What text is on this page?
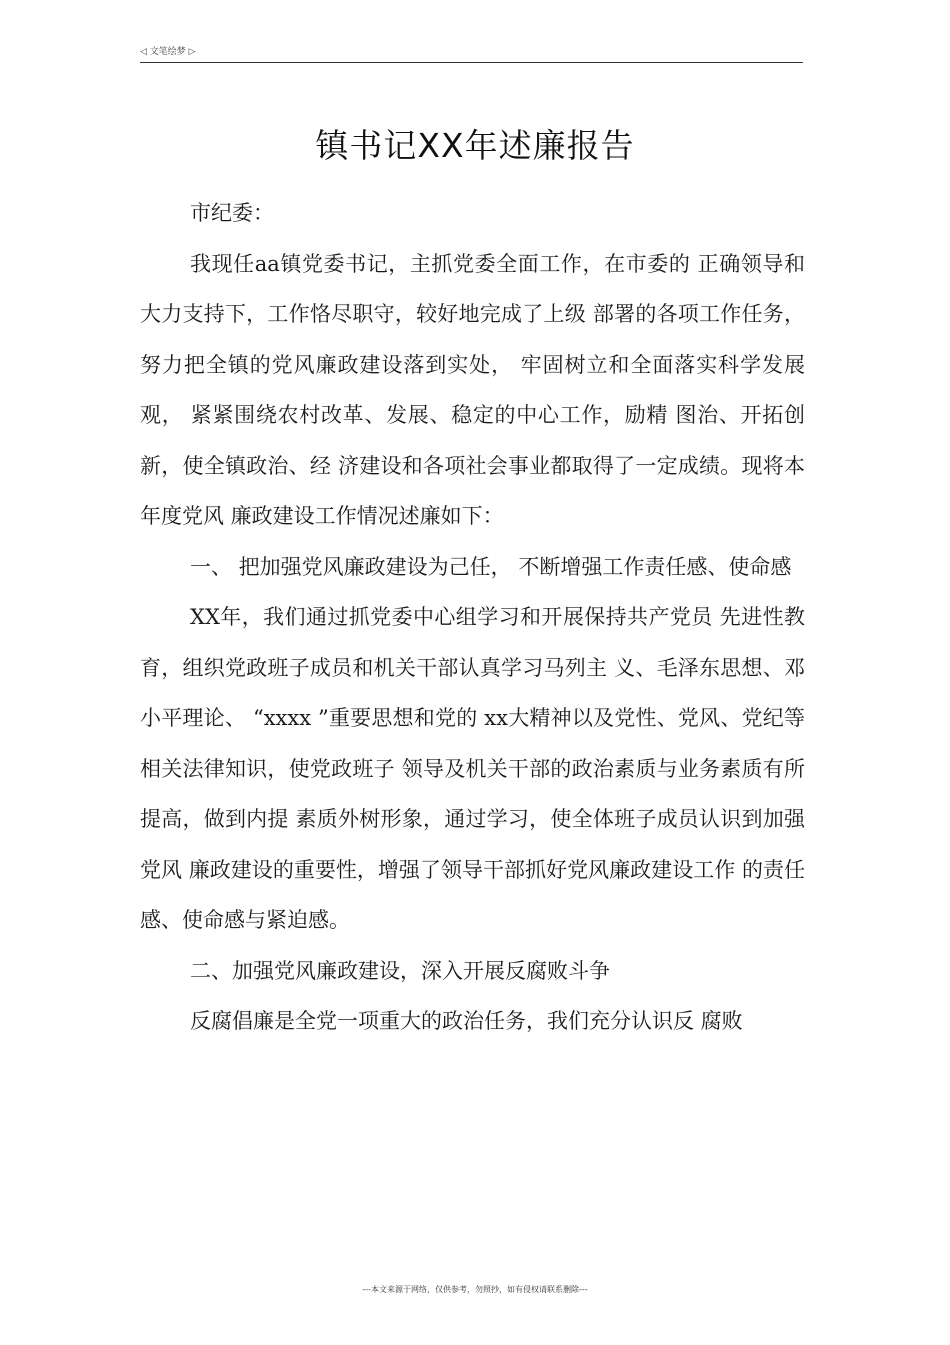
◁ 文笔绘梦 ▷
镇书记XX年述廉报告

市纪委：

我现任aa镇党委书记，主抓党委全面工作，在市委的 正确领导和大力支持下，工作恪尽职守，较好地完成了上级 部署的各项工作任务，努力把全镇的党风廉政建设落到实处， 牢固树立和全面落实科学发展观， 紧紧围绕农村改革、发展、稳定的中心工作，励精 图治、开拓创新，使全镇政治、经 济建设和各项社会事业都取得了一定成绩。现将本年度党风 廉政建设工作情况述廉如下：

一、 把加强党风廉政建设为己任， 不断增强工作责任感、使命感

XX年，我们通过抓党委中心组学习和开展保持共产党员 先进性教育，组织党政班子成员和机关干部认真学习马列主 义、毛泽东思想、邓小平理论、 “xxxx ”重要思想和党的 xx大精神以及党性、党风、党纪等相关法律知识，使党政班子 领导及机关干部的政治素质与业务素质有所提高，做到内提 素质外树形象，通过学习，使全体班子成员认识到加强党风 廉政建设的重要性，增强了领导干部抓好党风廉政建设工作 的责任感、使命感与紧迫感。

二、加强党风廉政建设，深入开展反腐败斗争

反腐倡廉是全党一项重大的政治任务，我们充分认识反 腐败

---本文来源于网络，仅供参考，勿照抄，如有侵权请联系删除---
